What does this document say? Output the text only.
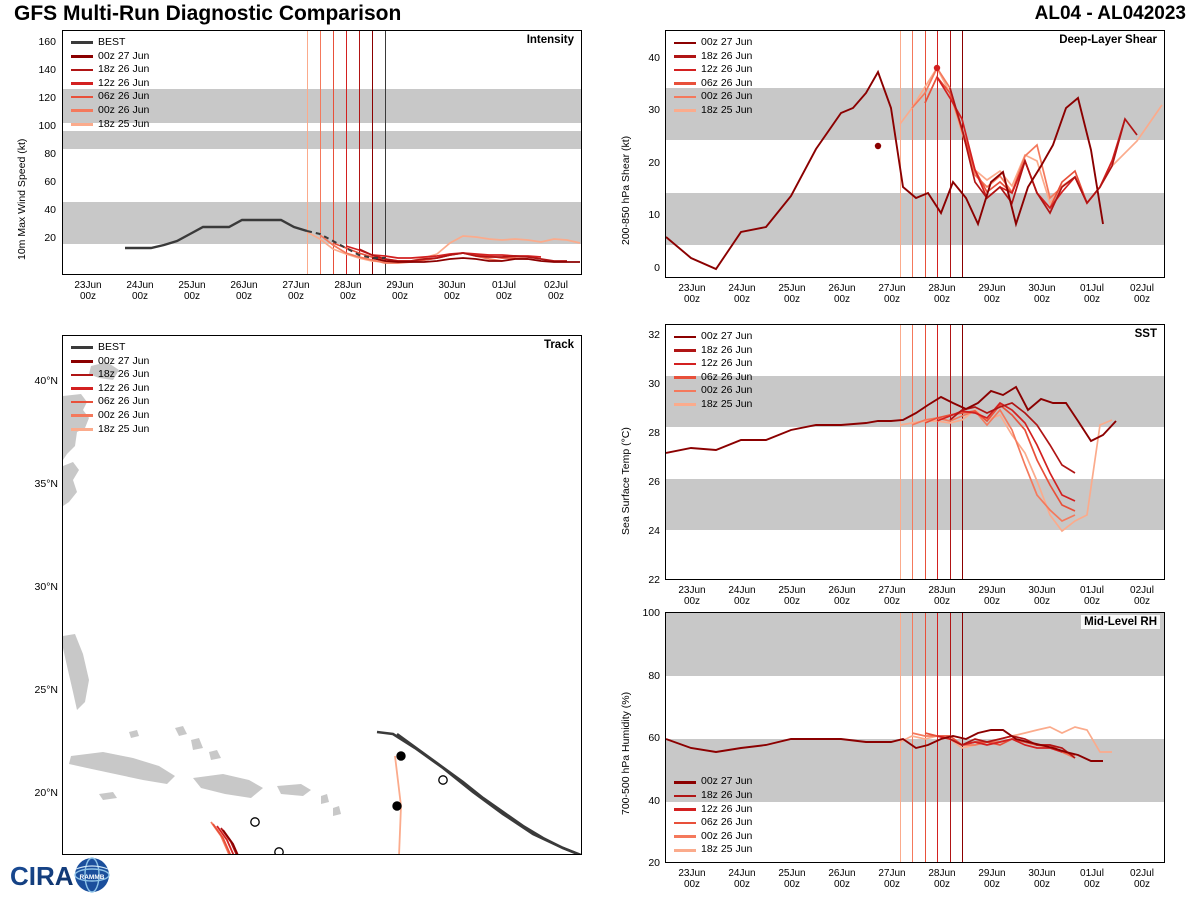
GFS Multi-Run Diagnostic Comparison	AL04 - AL042023
10m Max Wind Speed (kt)
160
140
120
100
80
60
40
20
Intensity
BEST
00z 27 Jun
18z 26 Jun
12z 26 Jun
06z 26 Jun
00z 26 Jun
18z 25 Jun
23Jun
00z
24Jun
00z
25Jun
00z
26Jun
00z
27Jun
00z
28Jun
00z
29Jun
00z
30Jun
00z
01Jul
00z
02Jul
00z
40°N
35°N
30°N
25°N
20°N
Track
BEST
00z 27 Jun
18z 26 Jun
12z 26 Jun
06z 26 Jun
00z 26 Jun
18z 25 Jun
200-850 hPa Shear (kt)
40
30
20
10
0
Deep-Layer Shear
00z 27 Jun
18z 26 Jun
12z 26 Jun
06z 26 Jun
00z 26 Jun
18z 25 Jun
23Jun
00z
24Jun
00z
25Jun
00z
26Jun
00z
27Jun
00z
28Jun
00z
29Jun
00z
30Jun
00z
01Jul
00z
02Jul
00z
Sea Surface Temp (°C)
32
30
28
26
24
22
SST
00z 27 Jun
18z 26 Jun
12z 26 Jun
06z 26 Jun
00z 26 Jun
18z 25 Jun
23Jun
00z
24Jun
00z
25Jun
00z
26Jun
00z
27Jun
00z
28Jun
00z
29Jun
00z
30Jun
00z
01Jul
00z
02Jul
00z
700-500 hPa Humidity (%)
100
80
60
40
20
Mid-Level RH
00z 27 Jun
18z 26 Jun
12z 26 Jun
06z 26 Jun
00z 26 Jun
18z 25 Jun
23Jun
00z
24Jun
00z
25Jun
00z
26Jun
00z
27Jun
00z
28Jun
00z
29Jun
00z
30Jun
00z
01Jul
00z
02Jul
00z
CIRA RAMMB
